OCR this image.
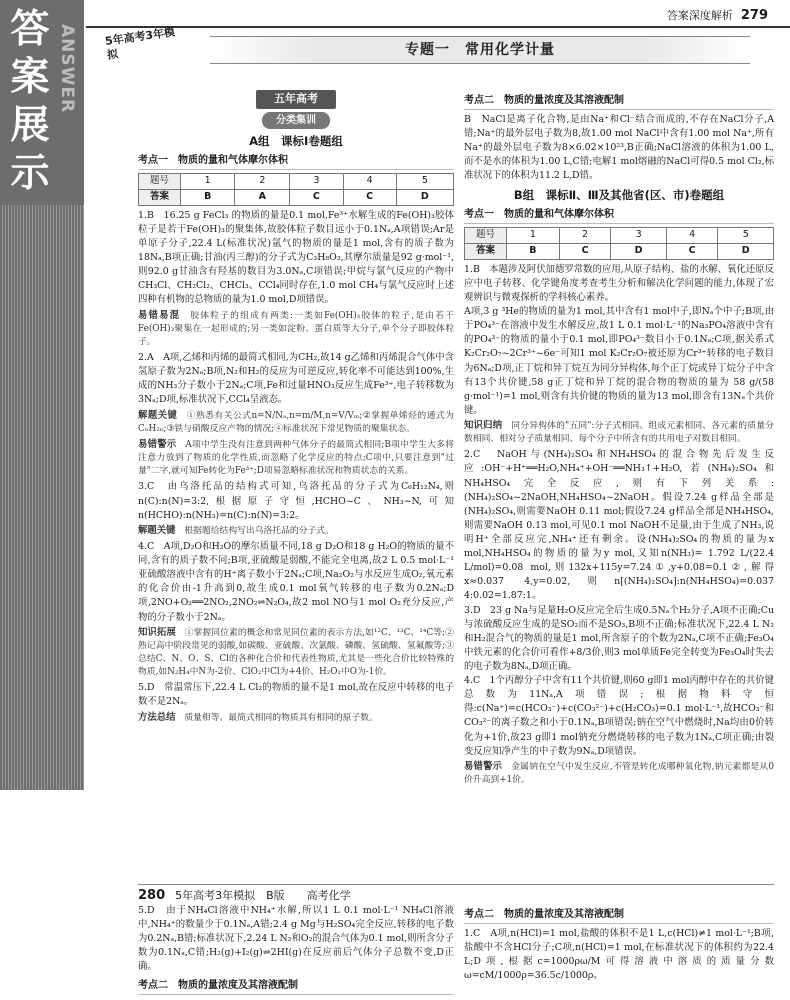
答案展示
ANSWER
答案深度解析 279
5年高考3年模拟	专题一　常用化学计量
五年高考
分类集训
A组　课标Ⅰ卷题组
考点一　物质的量和气体摩尔体积
题号	1	2	3	4	5
答案	B	A	C	C	D

1.B　16.25 g FeCl₃ 的物质的量是0.1 mol,Fe³⁺水解生成的Fe(OH)₃胶体粒子是若干Fe(OH)₃的聚集体,故胶体粒子数目远小于0.1Nₐ,A项错误;Ar是单原子分子,22.4 L(标准状况)氩气的物质的量是1 mol,含有的质子数为18Nₐ,B项正确;甘油(丙三醇)的分子式为C₃H₈O₃,其摩尔质量是92 g·mol⁻¹,则92.0 g甘油含有羟基的数目为3.0Nₐ,C项错误;甲烷与氯气反应的产物中CH₃Cl、CH₂Cl₂、CHCl₃、CCl₄同时存在,1.0 mol CH₄与氯气反应时上述四种有机物的总物质的量为1.0 mol,D项错误。

易错易混　 胶体粒子的组成有两类:一类如Fe(OH)₃胶体的粒子,是由若干Fe(OH)₃聚集在一起形成的;另一类如淀粉、蛋白质等大分子,单个分子即胶体粒子。

2.A　A项,乙烯和丙烯的最简式相同,为CH₂,故14 g乙烯和丙烯混合气体中含氢原子数为2Nₐ;B项,N₂和H₂的反应为可逆反应,转化率不可能达到100%,生成的NH₃分子数小于2Nₐ;C项,Fe和过量HNO₃反应生成Fe³⁺,电子转移数为3Nₐ;D项,标准状况下,CCl₄呈液态。

解题关键　 ①熟悉有关公式n=N/Nₐ,n=m/M,n=V/Vₘ;②掌握单烯烃的通式为CₙH₂ₙ;③铁与硝酸反应产物的情况;④标准状况下常见物质的聚集状态。
易错警示　 A项中学生没有注意到两种气体分子的最简式相同;B项中学生大多将注意力放到了物质的化学性质,而忽略了化学反应的特点;C项中,只要注意到"过量"二字,就可知Fe转化为Fe³⁺;D项易忽略标准状况和物质状态的关系。

3.C　由乌洛托品的结构式可知,乌洛托品的分子式为C₆H₁₂N₄,则n(C):n(N)=3:2,根据原子守恒,HCHO~C、NH₃~N,可知n(HCHO):n(NH₃)=n(C):n(N)=3:2。

解题关键　 根据题给结构写出乌洛托品的分子式。

4.C　A项,D₂O和H₂O的摩尔质量不同,18 g D₂O和18 g H₂O的物质的量不同,含有的质子数不同;B项,亚硫酸是弱酸,不能完全电离,故2 L 0.5 mol·L⁻¹亚硫酸溶液中含有的H⁺离子数小于2Nₐ;C项,Na₂O₂与水反应生成O₂,氧元素的化合价由-1升高到0,故生成0.1 mol氧气转移的电子数为0.2Nₐ;D项,2NO+O₂══2NO₂,2NO₂⇌N₂O₄,故2 mol NO与1 mol O₂充分反应,产物的分子数小于2Nₐ。

知识拓展　 ①掌握同位素的概念和常见同位素的表示方法,如¹²C、¹³C、¹⁴C等;②熟记高中阶段常见的弱酸,如碳酸、亚硫酸、次氯酸、磷酸、氢硫酸、氢氟酸等;③总结C、N、O、S、Cl的各种化合价和代表性物质,尤其是一些化合价比较特殊的物质,如N₂H₄中N为-2价、ClO₂中Cl为+4价、H₂O₂中O为-1价。

5.D　常温常压下,22.4 L Cl₂的物质的量不是1 mol,故在反应中转移的电子数不是2Nₐ。

方法总结　 质量相等、最简式相同的物质具有相同的原子数。
考点二　物质的量浓度及其溶液配制

B　NaCl是离子化合物,是由Na⁺和Cl⁻结合而成的,不存在NaCl分子,A错;Na⁺的最外层电子数为8,故1.00 mol NaCl中含有1.00 mol Na⁺,所有Na⁺的最外层电子数为8×6.02×10²³,B正确;NaCl溶液的体积为1.00 L,而不是水的体积为1.00 L,C错;电解1 mol熔融的NaCl可得0.5 mol Cl₂,标准状况下的体积为11.2 L,D错。

B组　课标Ⅱ、Ⅲ及其他省(区、市)卷题组
考点一　物质的量和气体摩尔体积
题号	1	2	3	4	5
答案	B	C	D	C	D

1.B　本题涉及阿伏加德罗常数的应用,从原子结构、盐的水解、氧化还原反应中电子转移、化学键角度考查考生分析和解决化学问题的能力,体现了宏观辨识与微观探析的学科核心素养。

A项,3 g ³He的物质的量为1 mol,其中含有1 mol中子,即Nₐ个中子;B项,由于PO₄³⁻在溶液中发生水解反应,故1 L 0.1 mol·L⁻¹的Na₃PO₄溶液中含有的PO₄³⁻的物质的量小于0.1 mol,即PO₄³⁻数目小于0.1Nₐ;C项,据关系式K₂Cr₂O₇~2Cr³⁺~6e⁻可知1 mol K₂Cr₂O₇被还原为Cr³⁺转移的电子数目为6Nₐ;D项,正丁烷和异丁烷互为同分异构体,每个正丁烷或异丁烷分子中含有13个共价键,58 g正丁烷和异丁烷的混合物的物质的量为 58 g/(58 g·mol⁻¹)=1 mol,则含有共价键的物质的量为13 mol,即含有13Nₐ个共价键。

知识归纳　 同分异构体的"五同":分子式相同、组成元素相同、各元素的质量分数相同、相对分子质量相同、每个分子中所含有的共用电子对数目相同。

2.C　NaOH与(NH₄)₂SO₄和NH₄HSO₄的混合物先后发生反应:OH⁻+H⁺══H₂O,NH₄⁺+OH⁻══NH₃↑+H₂O,若(NH₄)₂SO₄和NH₄HSO₄完全反应,则有下列关系:(NH₄)₂SO₄~2NaOH,NH₄HSO₄~2NaOH。假设7.24 g样品全部是(NH₄)₂SO₄,则需要NaOH 0.11 mol;假设7.24 g样品全部是NH₄HSO₄,则需要NaOH 0.13 mol,可见0.1 mol NaOH不足量,由于生成了NH₃,说明H⁺全部反应完,NH₄⁺还有剩余。设(NH₄)₂SO₄的物质的量为x mol,NH₄HSO₄的物质的量为y mol,又知n(NH₃)= 1.792 L/(22.4 L/mol)=0.08 mol,则132x+115y=7.24①,y+0.08=0.1②,解得x≈0.037 4,y=0.02,则n[(NH₄)₂SO₄]:n(NH₄HSO₄)=0.037 4:0.02=1.87:1。

3.D　23 g Na与足量H₂O反应完全后生成0.5Nₐ个H₂分子,A项不正确;Cu与浓硫酸反应生成的是SO₂而不是SO₃,B项不正确;标准状况下,22.4 L N₂和H₂混合气的物质的量是1 mol,所含原子的个数为2Nₐ,C项不正确;Fe₃O₄中铁元素的化合价可看作+8/3价,则3 mol单质Fe完全转变为Fe₃O₄时失去的电子数为8Nₐ,D项正确。

4.C　1个丙醇分子中含有11个共价键,则60 g即1 mol丙醇中存在的共价键总数为11Nₐ,A项错误;根据物料守恒得:c(Na⁺)=c(HCO₃⁻)+c(CO₃²⁻)+c(H₂CO₃)=0.1 mol·L⁻¹,故HCO₃⁻和CO₃²⁻的离子数之和小于0.1Nₐ,B项错误;钠在空气中燃烧时,Na均由0价转化为+1价,故23 g即1 mol钠充分燃烧转移的电子数为1Nₐ,C项正确;由裂变反应知净产生的中子数为9Nₐ,D项错误。

易错警示　 金属钠在空气中发生反应,不管是转化成哪种氧化物,钠元素都是从0价升高到+1价。
280 5年高考3年模拟　B版　　高考化学

5.D　由于NH₄Cl溶液中NH₄⁺水解,所以1 L 0.1 mol·L⁻¹ NH₄Cl溶液中,NH₄⁺的数量少于0.1Nₐ,A错;2.4 g Mg与H₂SO₄完全反应,转移的电子数为0.2Nₐ,B错;标准状况下,2.24 L N₂和O₂的混合气体为0.1 mol,则所含分子数为0.1Nₐ,C错;H₂(g)+I₂(g)⇌2HI(g)在反应前后气体分子总数不变,D正确。

考点二　物质的量浓度及其溶液配制
考点二　物质的量浓度及其溶液配制

1.C　A项,n(HCl)=1 mol,盐酸的体积不是1 L,c(HCl)≠1 mol·L⁻¹;B项,盐酸中不含HCl分子;C项,n(HCl)=1 mol,在标准状况下的体积约为22.4 L;D项,根据c=1000ρω/M可得溶液中溶质的质量分数ω=cM/1000ρ=36.5c/1000ρ。
